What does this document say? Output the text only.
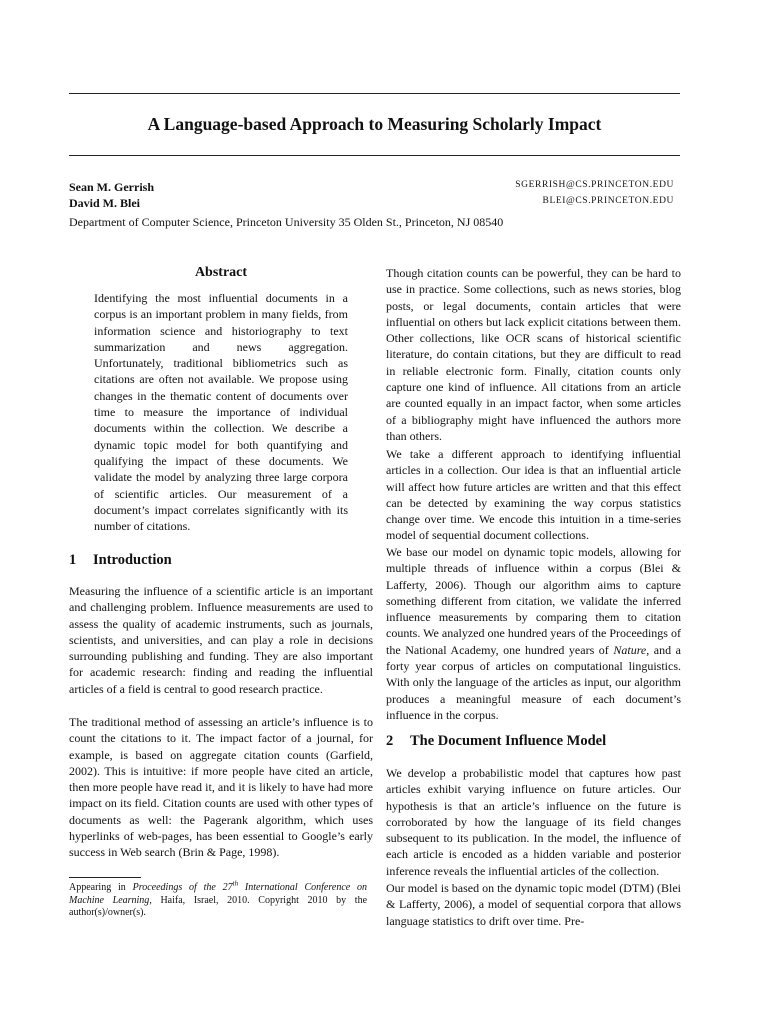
A Language-based Approach to Measuring Scholarly Impact
Sean M. Gerrish	SGERRISH@CS.PRINCETON.EDU
David M. Blei	BLEI@CS.PRINCETON.EDU
Department of Computer Science, Princeton University 35 Olden St., Princeton, NJ 08540
Abstract

Identifying the most influential documents in a corpus is an important problem in many fields, from information science and historiography to text summarization and news aggregation. Unfortunately, traditional bibliometrics such as citations are often not available. We propose using changes in the thematic content of documents over time to measure the importance of individual documents within the collection. We describe a dynamic topic model for both quantifying and qualifying the impact of these documents. We validate the model by analyzing three large corpora of scientific articles. Our measurement of a document’s impact correlates significantly with its number of citations.

1 Introduction

Measuring the influence of a scientific article is an important and challenging problem. Influence measurements are used to assess the quality of academic instruments, such as journals, scientists, and universities, and can play a role in decisions surrounding publishing and funding. They are also important for academic research: finding and reading the influential articles of a field is central to good research practice.

The traditional method of assessing an article’s influence is to count the citations to it. The impact factor of a journal, for example, is based on aggregate citation counts (Garfield, 2002). This is intuitive: if more people have cited an article, then more people have read it, and it is likely to have had more impact on its field. Citation counts are used with other types of documents as well: the Pagerank algorithm, which uses hyperlinks of web-pages, has been essential to Google’s early success in Web search (Brin & Page, 1998).

Appearing in Proceedings of the 27th International Conference on Machine Learning, Haifa, Israel, 2010. Copyright 2010 by the author(s)/owner(s).

Though citation counts can be powerful, they can be hard to use in practice. Some collections, such as news stories, blog posts, or legal documents, contain articles that were influential on others but lack explicit citations between them. Other collections, like OCR scans of historical scientific literature, do contain citations, but they are difficult to read in reliable electronic form. Finally, citation counts only capture one kind of influence. All citations from an article are counted equally in an impact factor, when some articles of a bibliography might have influenced the authors more than others.

We take a different approach to identifying influential articles in a collection. Our idea is that an influential article will affect how future articles are written and that this effect can be detected by examining the way corpus statistics change over time. We encode this intuition in a time-series model of sequential document collections.

We base our model on dynamic topic models, allowing for multiple threads of influence within a corpus (Blei & Lafferty, 2006). Though our algorithm aims to capture something different from citation, we validate the inferred influence measurements by comparing them to citation counts. We analyzed one hundred years of the Proceedings of the National Academy, one hundred years of Nature, and a forty year corpus of articles on computational linguistics. With only the language of the articles as input, our algorithm produces a meaningful measure of each document’s influence in the corpus.

2 The Document Influence Model

We develop a probabilistic model that captures how past articles exhibit varying influence on future articles. Our hypothesis is that an article’s influence on the future is corroborated by how the language of its field changes subsequent to its publication. In the model, the influence of each article is encoded as a hidden variable and posterior inference reveals the influential articles of the collection.

Our model is based on the dynamic topic model (DTM) (Blei & Lafferty, 2006), a model of sequential corpora that allows language statistics to drift over time. Pre-
